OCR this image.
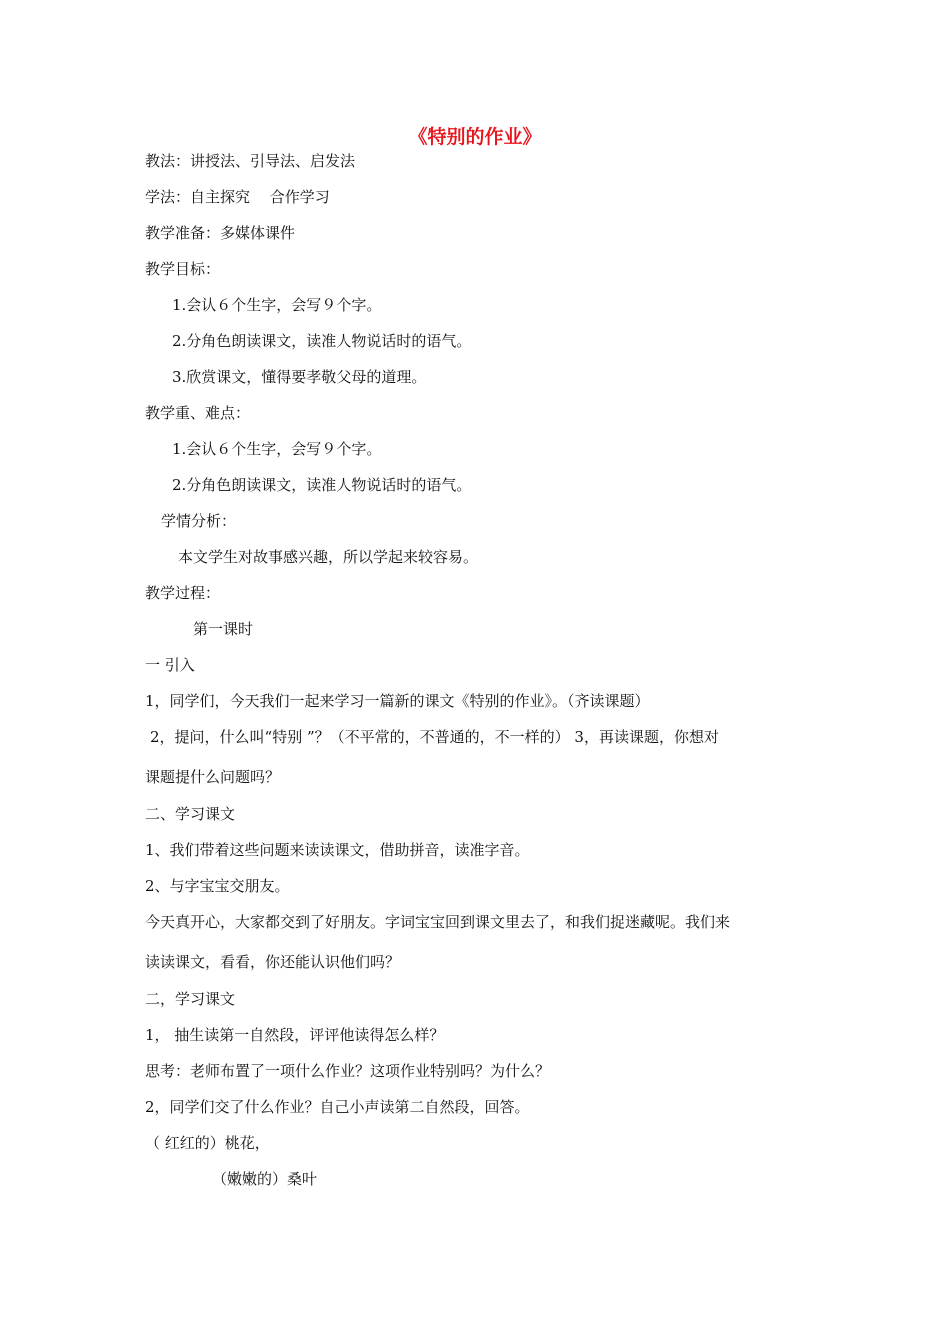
《特别的作业》
教法：讲授法、引导法、启发法
学法：自主探究　 合作学习
教学准备：多媒体课件
教学目标：
1.会认６个生字，会写９个字。
2.分角色朗读课文，读准人物说话时的语气。
3.欣赏课文，懂得要孝敬父母的道理。
教学重、难点：
1.会认６个生字，会写９个字。
2.分角色朗读课文，读准人物说话时的语气。
学情分析：
本文学生对故事感兴趣，所以学起来较容易。
教学过程：
第一课时
一 引入
1，同学们，今天我们一起来学习一篇新的课文《特别的作业》。（齐读课题）
2，提问，什么叫“特别 ”？（不平常的，不普通的，不一样的） 3，再读课题，你想对
课题提什么问题吗？
二、学习课文
1、我们带着这些问题来读读课文，借助拼音，读准字音。
2、与字宝宝交朋友。
今天真开心，大家都交到了好朋友。字词宝宝回到课文里去了，和我们捉迷藏呢。我们来
读读课文，看看，你还能认识他们吗？
二，学习课文
1， 抽生读第一自然段，评评他读得怎么样？
思考：老师布置了一项什么作业？这项作业特别吗？为什么？
2，同学们交了什么作业？自己小声读第二自然段，回答。
（ 红红的）桃花，
（嫩嫩的）桑叶
